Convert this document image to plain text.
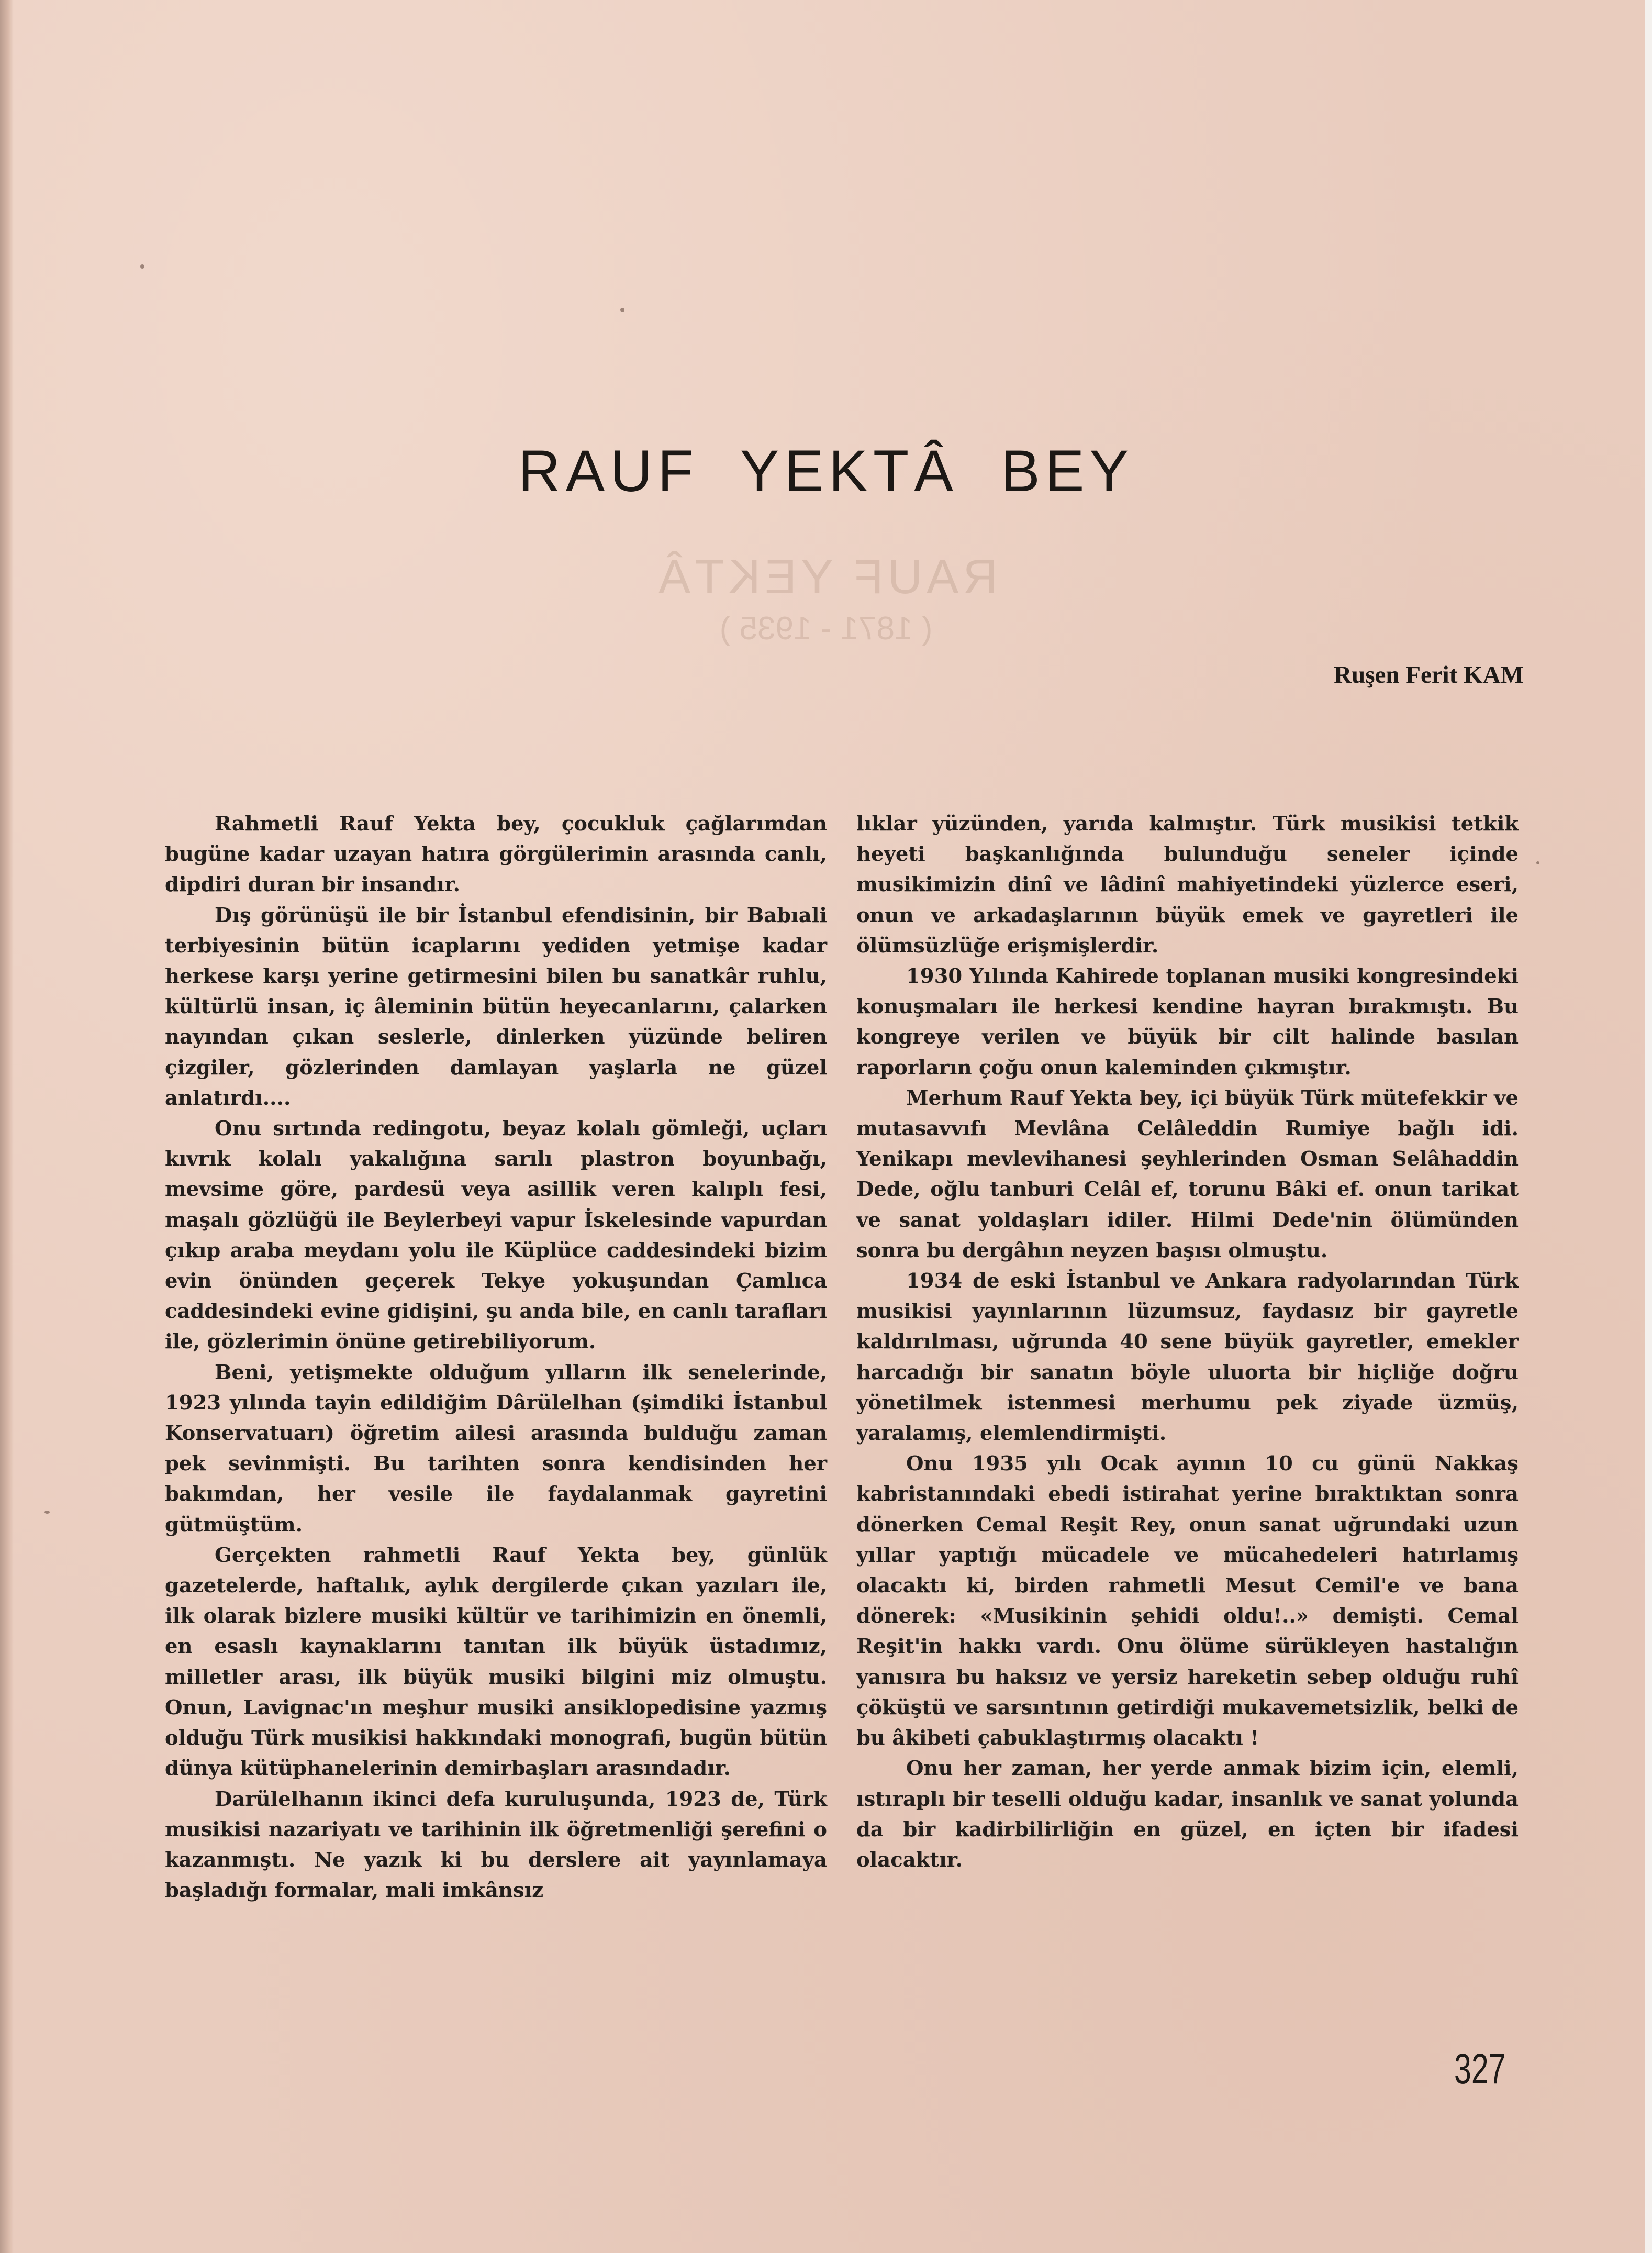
RAUF YEKTÂ
( 1871 - 1935 )
RAUF YEKTÂ BEY
Ruşen Ferit KAM

Rahmetli Rauf Yekta bey, çocukluk çağlarımdan bugüne kadar uzayan hatıra görgülerimin arasında canlı, dipdiri duran bir insandır.

Dış görünüşü ile bir İstanbul efendisinin, bir Babıali terbiyesinin bütün icaplarını yediden yetmişe kadar herkese karşı yerine getirmesini bilen bu sanatkâr ruhlu, kültürlü insan, iç âleminin bütün heyecanlarını, çalarken nayından çıkan seslerle, dinlerken yüzünde beliren çizgiler, gözlerinden damlayan yaşlarla ne güzel anlatırdı....

Onu sırtında redingotu, beyaz kolalı gömleği, uçları kıvrık kolalı yakalığına sarılı plastron boyunbağı, mevsime göre, pardesü veya asillik veren kalıplı fesi, maşalı gözlüğü ile Beylerbeyi vapur İskelesinde vapurdan çıkıp araba meydanı yolu ile Küplüce caddesindeki bizim evin önünden geçerek Tekye yokuşundan Çamlıca caddesindeki evine gidişini, şu anda bile, en canlı tarafları ile, gözlerimin önüne getirebiliyorum.

Beni, yetişmekte olduğum yılların ilk senelerinde, 1923 yılında tayin edildiğim Dârülelhan (şimdiki İstanbul Konservatuarı) öğretim ailesi arasında bulduğu zaman pek sevinmişti. Bu tarihten sonra kendisinden her bakımdan, her vesile ile faydalanmak gayretini gütmüştüm.

Gerçekten rahmetli Rauf Yekta bey, günlük gazetelerde, haftalık, aylık dergilerde çıkan yazıları ile, ilk olarak bizlere musiki kültür ve tarihimizin en önemli, en esaslı kaynaklarını tanıtan ilk büyük üstadımız, milletler arası, ilk büyük musiki bilgini miz olmuştu. Onun, Lavignac'ın meşhur musiki ansiklopedisine yazmış olduğu Türk musikisi hakkındaki monografi, bugün bütün dünya kütüphanelerinin demirbaşları arasındadır.

Darülelhanın ikinci defa kuruluşunda, 1923 de, Türk musikisi nazariyatı ve tarihinin ilk öğretmenliği şerefini o kazanmıştı. Ne yazık ki bu derslere ait yayınlamaya başladığı formalar, mali imkânsız

lıklar yüzünden, yarıda kalmıştır. Türk musikisi tetkik heyeti başkanlığında bulunduğu seneler içinde musikimizin dinî ve lâdinî mahiyetindeki yüzlerce eseri, onun ve arkadaşlarının büyük emek ve gayretleri ile ölümsüzlüğe erişmişlerdir.

1930 Yılında Kahirede toplanan musiki kongresindeki konuşmaları ile herkesi kendine hayran bırakmıştı. Bu kongreye verilen ve büyük bir cilt halinde basılan raporların çoğu onun kaleminden çıkmıştır.

Merhum Rauf Yekta bey, içi büyük Türk mütefekkir ve mutasavvıfı Mevlâna Celâleddin Rumiye bağlı idi. Yenikapı mevlevihanesi şeyhlerinden Osman Selâhaddin Dede, oğlu tanburi Celâl ef, torunu Bâki ef. onun tarikat ve sanat yoldaşları idiler. Hilmi Dede'nin ölümünden sonra bu dergâhın neyzen başısı olmuştu.

1934 de eski İstanbul ve Ankara radyolarından Türk musikisi yayınlarının lüzumsuz, faydasız bir gayretle kaldırılması, uğrunda 40 sene büyük gayretler, emekler harcadığı bir sanatın böyle uluorta bir hiçliğe doğru yönetilmek istenmesi merhumu pek ziyade üzmüş, yaralamış, elemlendirmişti.

Onu 1935 yılı Ocak ayının 10 cu günü Nakkaş kabristanındaki ebedi istirahat yerine bıraktıktan sonra dönerken Cemal Reşit Rey, onun sanat uğrundaki uzun yıllar yaptığı mücadele ve mücahedeleri hatırlamış olacaktı ki, birden rahmetli Mesut Cemil'e ve bana dönerek: «Musikinin şehidi oldu!..» demişti. Cemal Reşit'in hakkı vardı. Onu ölüme sürükleyen hastalığın yanısıra bu haksız ve yersiz hareketin sebep olduğu ruhî çöküştü ve sarsıntının getirdiği mukavemetsizlik, belki de bu âkibeti çabuklaştırmış olacaktı !

Onu her zaman, her yerde anmak bizim için, elemli, ıstıraplı bir teselli olduğu kadar, insanlık ve sanat yolunda da bir kadirbilirliğin en güzel, en içten bir ifadesi olacaktır.

327
